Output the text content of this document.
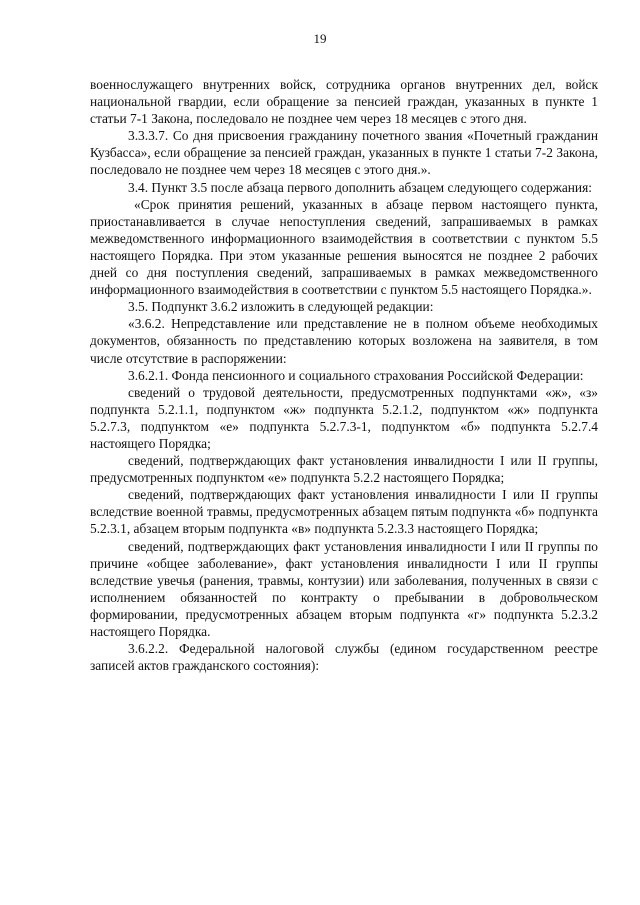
19

военнослужащего внутренних войск, сотрудника органов внутренних дел, войск национальной гвардии, если обращение за пенсией граждан, указанных в пункте 1 статьи 7-1 Закона, последовало не позднее чем через 18 месяцев с этого дня.

3.3.3.7. Со дня присвоения гражданину почетного звания «Почетный гражданин Кузбасса», если обращение за пенсией граждан, указанных в пункте 1 статьи 7-2 Закона, последовало не позднее чем через 18 месяцев с этого дня.».

3.4. Пункт 3.5 после абзаца первого дополнить абзацем следующего содержания:

«Срок принятия решений, указанных в абзаце первом настоящего пункта, приостанавливается в случае непоступления сведений, запрашиваемых в рамках межведомственного информационного взаимодействия в соответствии с пунктом 5.5 настоящего Порядка. При этом указанные решения выносятся не позднее 2 рабочих дней со дня поступления сведений, запрашиваемых в рамках межведомственного информационного взаимодействия в соответствии с пунктом 5.5 настоящего Порядка.».

3.5. Подпункт 3.6.2 изложить в следующей редакции:

«3.6.2. Непредставление или представление не в полном объеме необходимых документов, обязанность по представлению которых возложена на заявителя, в том числе отсутствие в распоряжении:

3.6.2.1. Фонда пенсионного и социального страхования Российской Федерации:

сведений о трудовой деятельности, предусмотренных подпунктами «ж», «з» подпункта 5.2.1.1, подпунктом «ж» подпункта 5.2.1.2, подпунктом «ж» подпункта 5.2.7.3, подпунктом «е» подпункта 5.2.7.3-1, подпунктом «б» подпункта 5.2.7.4 настоящего Порядка;

сведений, подтверждающих факт установления инвалидности I или II группы, предусмотренных подпунктом «е» подпункта 5.2.2 настоящего Порядка;

сведений, подтверждающих факт установления инвалидности I или II группы вследствие военной травмы, предусмотренных абзацем пятым подпункта «б» подпункта 5.2.3.1, абзацем вторым подпункта «в» подпункта 5.2.3.3 настоящего Порядка;

сведений, подтверждающих факт установления инвалидности I или II группы по причине «общее заболевание», факт установления инвалидности I или II группы вследствие увечья (ранения, травмы, контузии) или заболевания, полученных в связи с исполнением обязанностей по контракту о пребывании в добровольческом формировании, предусмотренных абзацем вторым подпункта «г» подпункта 5.2.3.2 настоящего Порядка.

3.6.2.2. Федеральной налоговой службы (едином государственном реестре записей актов гражданского состояния):
